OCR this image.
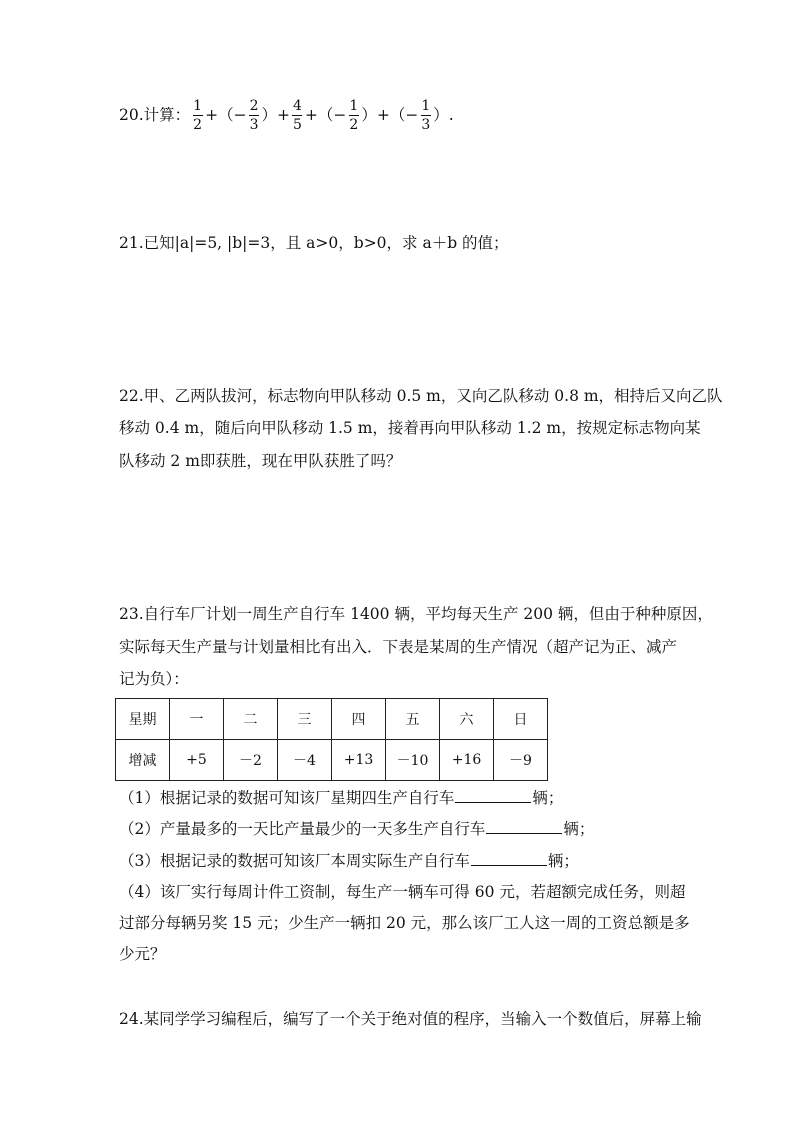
20.计算： $\frac{1}{2}$ +（− $\frac{2}{3}$ ） + $\frac{4}{5}$ +（− $\frac{1}{2}$ ） +（− $\frac{1}{3}$ ）.
21.已知|a|=5, |b|=3，且 a>0，b>0，求 a＋b 的值；
22.甲、乙两队拔河，标志物向甲队移动 0.5 m，又向乙队移动 0.8 m，相持后又向乙队
移动 0.4 m，随后向甲队移动 1.5 m，接着再向甲队移动 1.2 m，按规定标志物向某
队移动 2 m即获胜，现在甲队获胜了吗？
23.自行车厂计划一周生产自行车 1400 辆，平均每天生产 200 辆，但由于种种原因，
实际每天生产量与计划量相比有出入．下表是某周的生产情况（超产记为正、减产
记为负）：
星期	一	二	三	四	五	六	日
增减	+5	－2	－4	+13	－10	+16	－9
（1）根据记录的数据可知该厂星期四生产自行车	辆；
（2）产量最多的一天比产量最少的一天多生产自行车	辆；
（3）根据记录的数据可知该厂本周实际生产自行车	辆；
（4）该厂实行每周计件工资制，每生产一辆车可得 60 元，若超额完成任务，则超
过部分每辆另奖 15 元；少生产一辆扣 20 元，那么该厂工人这一周的工资总额是多
少元？
24.某同学学习编程后，编写了一个关于绝对值的程序，当输入一个数值后，屏幕上输
